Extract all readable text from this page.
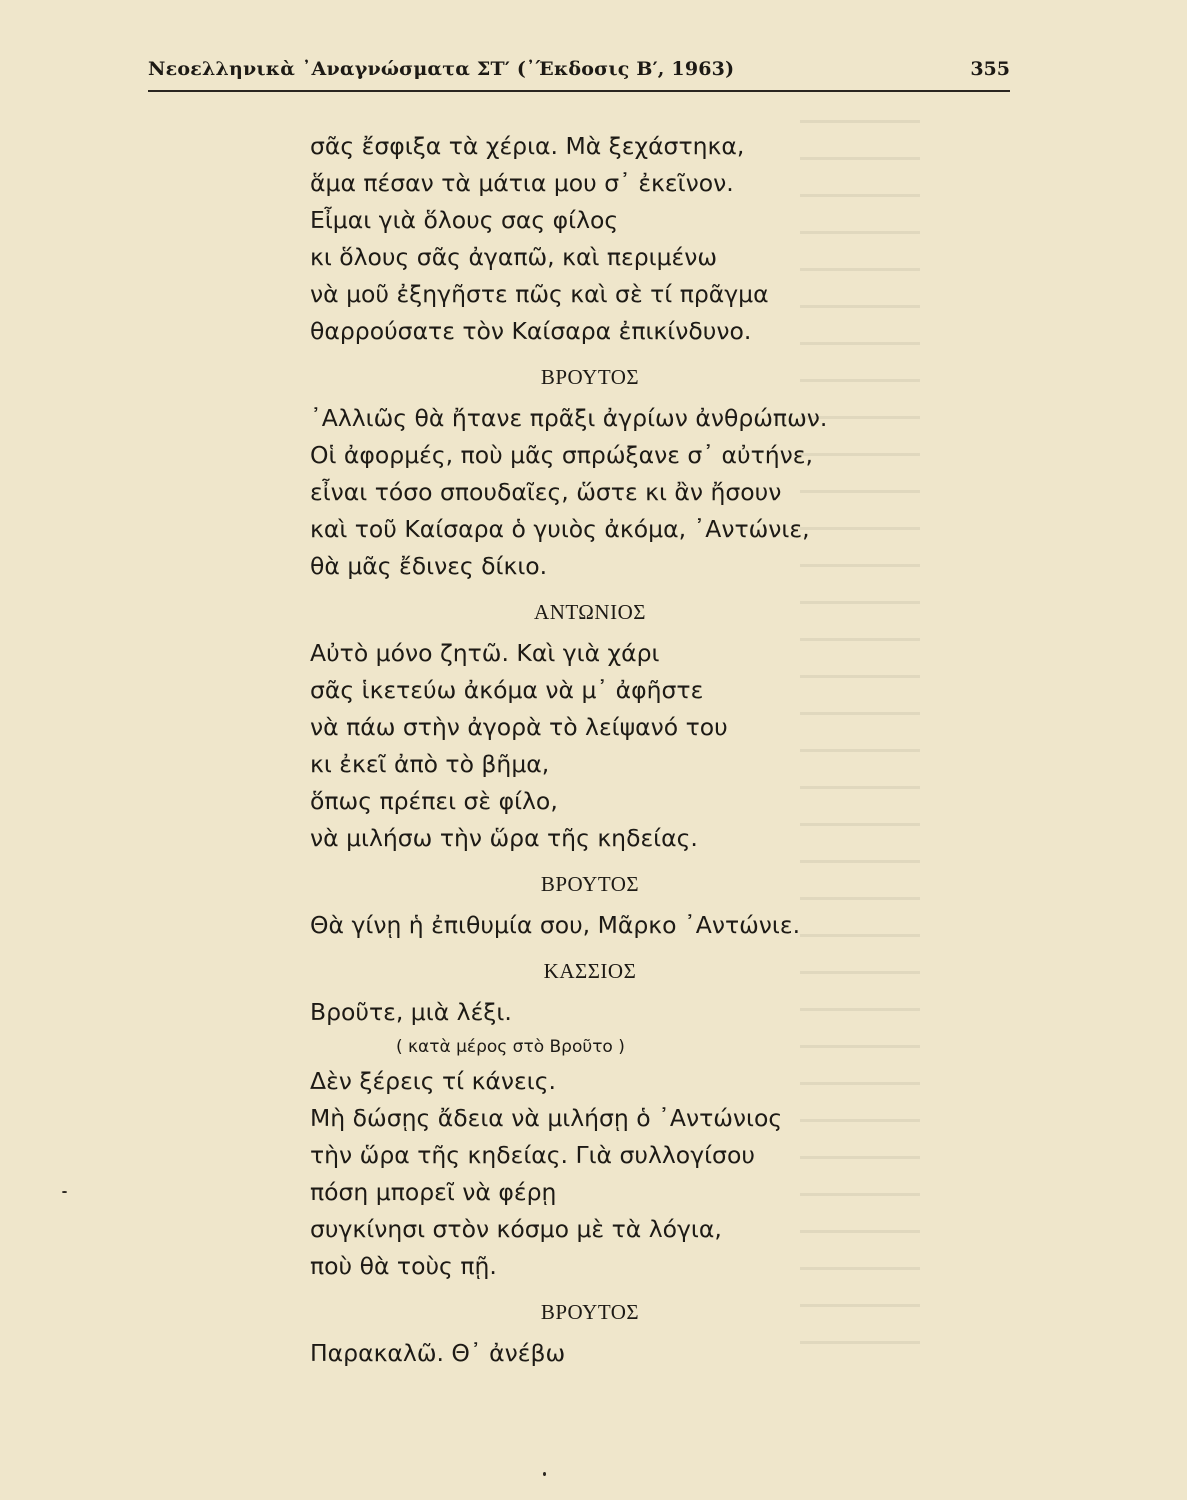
Νεοελληνικὰ ᾿Αναγνώσματα ΣΤ′ (᾿Έκδοσις Β′, 1963)	355
σᾶς ἔσφιξα τὰ χέρια. Μὰ ξεχάστηκα,
ἅμα πέσαν τὰ μάτια μου σ᾿ ἐκεῖνον.
Εἶμαι γιὰ ὅλους σας φίλος
κι ὅλους σᾶς ἀγαπῶ, καὶ περιμένω
νὰ μοῦ ἐξηγῆστε πῶς καὶ σὲ τί πρᾶγμα
θαρρούσατε τὸν Καίσαρα ἐπικίνδυνο.
ΒΡΟΥΤΟΣ
᾿Αλλιῶς θὰ ἤτανε πρᾶξι ἀγρίων ἀνθρώπων.
Οἱ ἀφορμές, ποὺ μᾶς σπρώξανε σ᾿ αὐτήνε,
εἶναι τόσο σπουδαῖες, ὥστε κι ἂν ἤσουν
καὶ τοῦ Καίσαρα ὁ γυιὸς ἀκόμα, ᾿Αντώνιε,
θὰ μᾶς ἔδινες δίκιο.
ΑΝΤΩΝΙΟΣ
Αὐτὸ μόνο ζητῶ. Καὶ γιὰ χάρι
σᾶς ἱκετεύω ἀκόμα νὰ μ᾿ ἀφῆστε
νὰ πάω στὴν ἀγορὰ τὸ λείψανό του
κι ἐκεῖ ἀπὸ τὸ βῆμα,
ὅπως πρέπει σὲ φίλο,
νὰ μιλήσω τὴν ὥρα τῆς κηδείας.
ΒΡΟΥΤΟΣ
Θὰ γίνῃ ἡ ἐπιθυμία σου, Μᾶρκο ᾿Αντώνιε.
ΚΑΣΣΙΟΣ
Βροῦτε, μιὰ λέξι.
( κατὰ μέρος στὸ Βροῦτο )
Δὲν ξέρεις τί κάνεις.
Μὴ δώσῃς ἄδεια νὰ μιλήσῃ ὁ ᾿Αντώνιος
τὴν ὥρα τῆς κηδείας. Γιὰ συλλογίσου
πόση μπορεῖ νὰ φέρῃ
συγκίνησι στὸν κόσμο μὲ τὰ λόγια,
ποὺ θὰ τοὺς πῇ.
ΒΡΟΥΤΟΣ
Παρακαλῶ. Θ᾿ ἀνέβω
